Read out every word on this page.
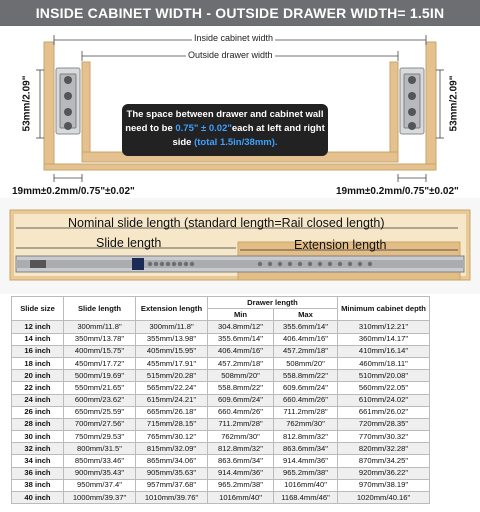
INSIDE CABINET WIDTH - OUTSIDE DRAWER WIDTH= 1.5IN
Inside cabinet width
Outside drawer width
53mm/2.09"	53mm/2.09"
19mm±0.2mm/0.75"±0.02"	19mm±0.2mm/0.75"±0.02"
The space between drawer and cabinet wall
need to be 0.75" ± 0.02"each at left and right
side (total 1.5in/38mm).
Nominal slide length (standard length=Rail closed length)
Slide length	Extension length
Slide size	Slide length	Extension length	Drawer length		Minimum cabinet depth
			Min	Max	
12 inch	300mm/11.8"	300mm/11.8"	304.8mm/12"	355.6mm/14"	310mm/12.21"
14 inch	350mm/13.78"	355mm/13.98"	355.6mm/14"	406.4mm/16"	360mm/14.17"
16 inch	400mm/15.75"	405mm/15.95"	406.4mm/16"	457.2mm/18"	410mm/16.14"
18 inch	450mm/17.72"	455mm/17.91"	457.2mm/18"	508mm/20"	460mm/18.11"
20 inch	500mm/19.69"	515mm/20.28"	508mm/20"	558.8mm/22"	510mm/20.08"
22 inch	550mm/21.65"	565mm/22.24"	558.8mm/22"	609.6mm/24"	560mm/22.05"
24 inch	600mm/23.62"	615mm/24.21"	609.6mm/24"	660.4mm/26"	610mm/24.02"
26 inch	650mm/25.59"	665mm/26.18"	660.4mm/26"	711.2mm/28"	661mm/26.02"
28 inch	700mm/27.56"	715mm/28.15"	711.2mm/28"	762mm/30"	720mm/28.35"
30 inch	750mm/29.53"	765mm/30.12"	762mm/30"	812.8mm/32"	770mm/30.32"
32 inch	800mm/31.5"	815mm/32.09"	812.8mm/32"	863.6mm/34"	820mm/32.28"
34 inch	850mm/33.46"	865mm/34.06"	863.6mm/34"	914.4mm/36"	870mm/34.25"
36 inch	900mm/35.43"	905mm/35.63"	914.4mm/36"	965.2mm/38"	920mm/36.22"
38 inch	950mm/37.4"	957mm/37.68"	965.2mm/38"	1016mm/40"	970mm/38.19"
40 inch	1000mm/39.37"	1010mm/39.76"	1016mm/40"	1168.4mm/46"	1020mm/40.16"
